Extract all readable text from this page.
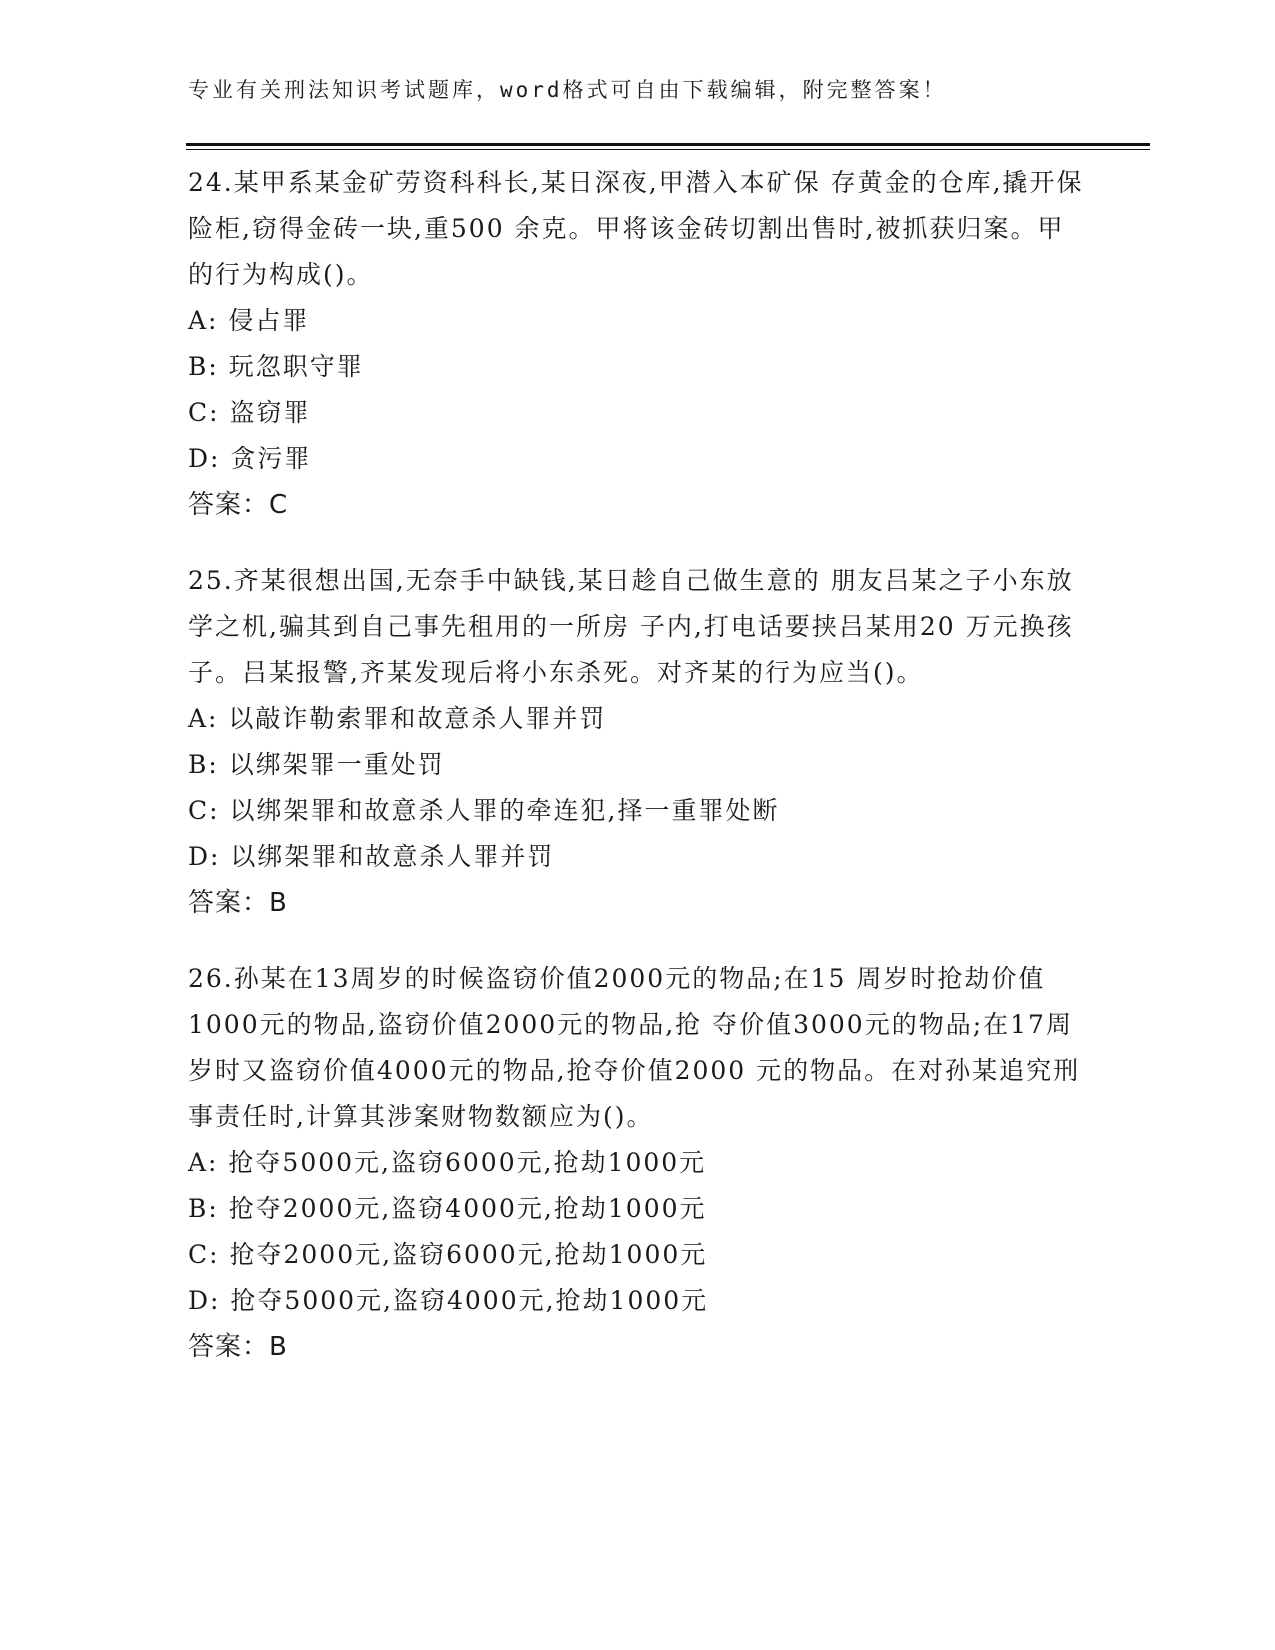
专业有关刑法知识考试题库，word格式可自由下载编辑，附完整答案！
24.某甲系某金矿劳资科科长,某日深夜,甲潜入本矿保 存黄金的仓库,撬开保险柜,窃得金砖一块,重500 余克。甲将该金砖切割出售时,被抓获归案。甲的行为构成()。
A: 侵占罪
B: 玩忽职守罪
C: 盗窃罪
D: 贪污罪
答案：C
25.齐某很想出国,无奈手中缺钱,某日趁自己做生意的 朋友吕某之子小东放学之机,骗其到自己事先租用的一所房 子内,打电话要挟吕某用20 万元换孩子。吕某报警,齐某发现后将小东杀死。对齐某的行为应当()。
A: 以敲诈勒索罪和故意杀人罪并罚
B: 以绑架罪一重处罚
C: 以绑架罪和故意杀人罪的牵连犯,择一重罪处断
D: 以绑架罪和故意杀人罪并罚
答案：B
26.孙某在13周岁的时候盗窃价值2000元的物品;在15 周岁时抢劫价值1000元的物品,盗窃价值2000元的物品,抢 夺价值3000元的物品;在17周岁时又盗窃价值4000元的物品,抢夺价值2000 元的物品。在对孙某追究刑事责任时,计算其涉案财物数额应为()。
A: 抢夺5000元,盗窃6000元,抢劫1000元
B: 抢夺2000元,盗窃4000元,抢劫1000元
C: 抢夺2000元,盗窃6000元,抢劫1000元
D: 抢夺5000元,盗窃4000元,抢劫1000元
答案：B
